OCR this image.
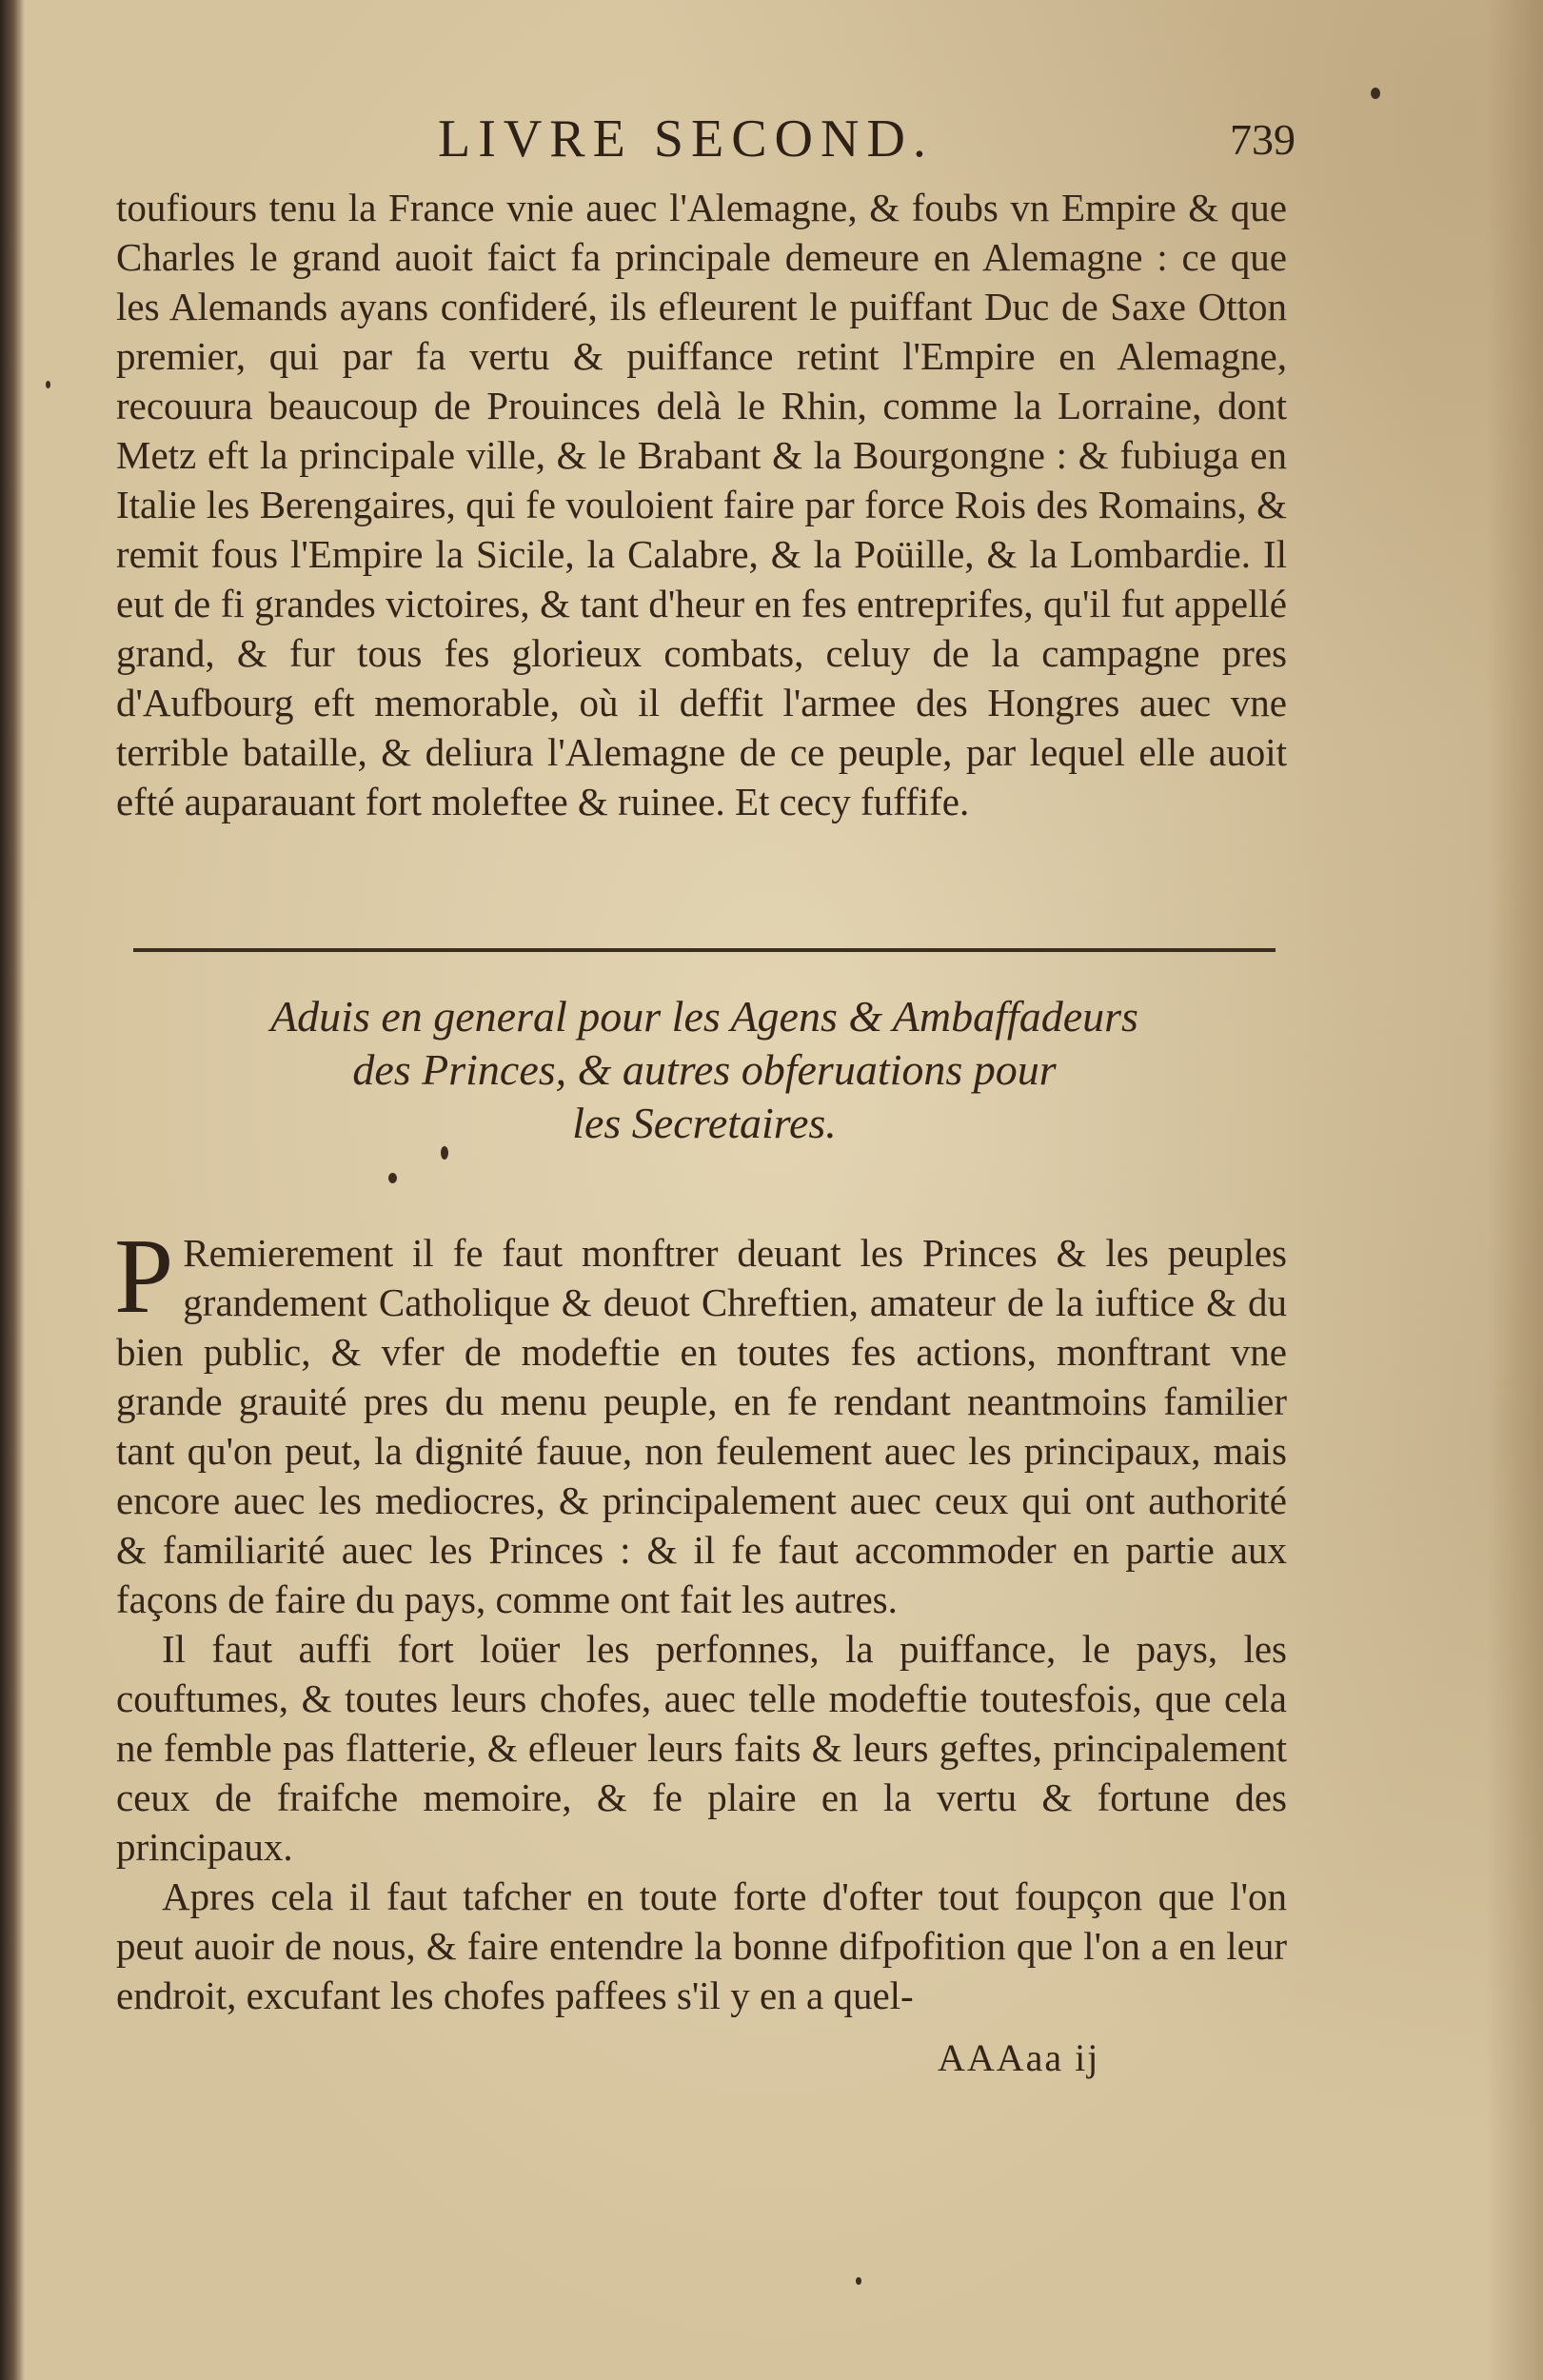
LIVRE SECOND.	739

toufiours tenu la France vnie auec l'Alemagne, & foubs vn Empire & que Charles le grand auoit faict fa principale demeure en Alemagne : ce que les Alemands ayans confideré, ils efleurent le puiffant Duc de Saxe Otton premier, qui par fa vertu & puiffance retint l'Empire en Alemagne, recouura beaucoup de Prouinces delà le Rhin, comme la Lorraine, dont Metz eft la principale ville, & le Brabant & la Bourgongne : & fubiuga en Italie les Berengaires, qui fe vouloient faire par force Rois des Romains, & remit fous l'Empire la Sicile, la Calabre, & la Poüille, & la Lombardie. Il eut de fi grandes victoires, & tant d'heur en fes entreprifes, qu'il fut appellé grand, & fur tous fes glorieux combats, celuy de la campagne pres d'Aufbourg eft memorable, où il deffit l'armee des Hongres auec vne terrible bataille, & deliura l'Alemagne de ce peuple, par lequel elle auoit efté auparauant fort moleftee & ruinee. Et cecy fuffife.

Aduis en general pour les Agens & Ambaffadeurs
des Princes, & autres obferuations pour
les Secretaires.

P Remierement il fe faut monftrer deuant les Princes & les peuples grandement Catholique & deuot Chreftien, amateur de la iuftice & du bien public, & vfer de modeftie en toutes fes actions, monftrant vne grande grauité pres du menu peuple, en fe rendant neantmoins familier tant qu'on peut, la dignité fauue, non feulement auec les principaux, mais encore auec les mediocres, & principalement auec ceux qui ont authorité & familiarité auec les Princes : & il fe faut accommoder en partie aux façons de faire du pays, comme ont fait les autres.

Il faut auffi fort loüer les perfonnes, la puiffance, le pays, les couftumes, & toutes leurs chofes, auec telle modeftie toutesfois, que cela ne femble pas flatterie, & efleuer leurs faits & leurs geftes, principalement ceux de fraifche memoire, & fe plaire en la vertu & fortune des principaux.

Apres cela il faut tafcher en toute forte d'ofter tout foupçon que l'on peut auoir de nous, & faire entendre la bonne difpofition que l'on a en leur endroit, excufant les chofes paffees s'il y en a quel-

AAAaa ij
